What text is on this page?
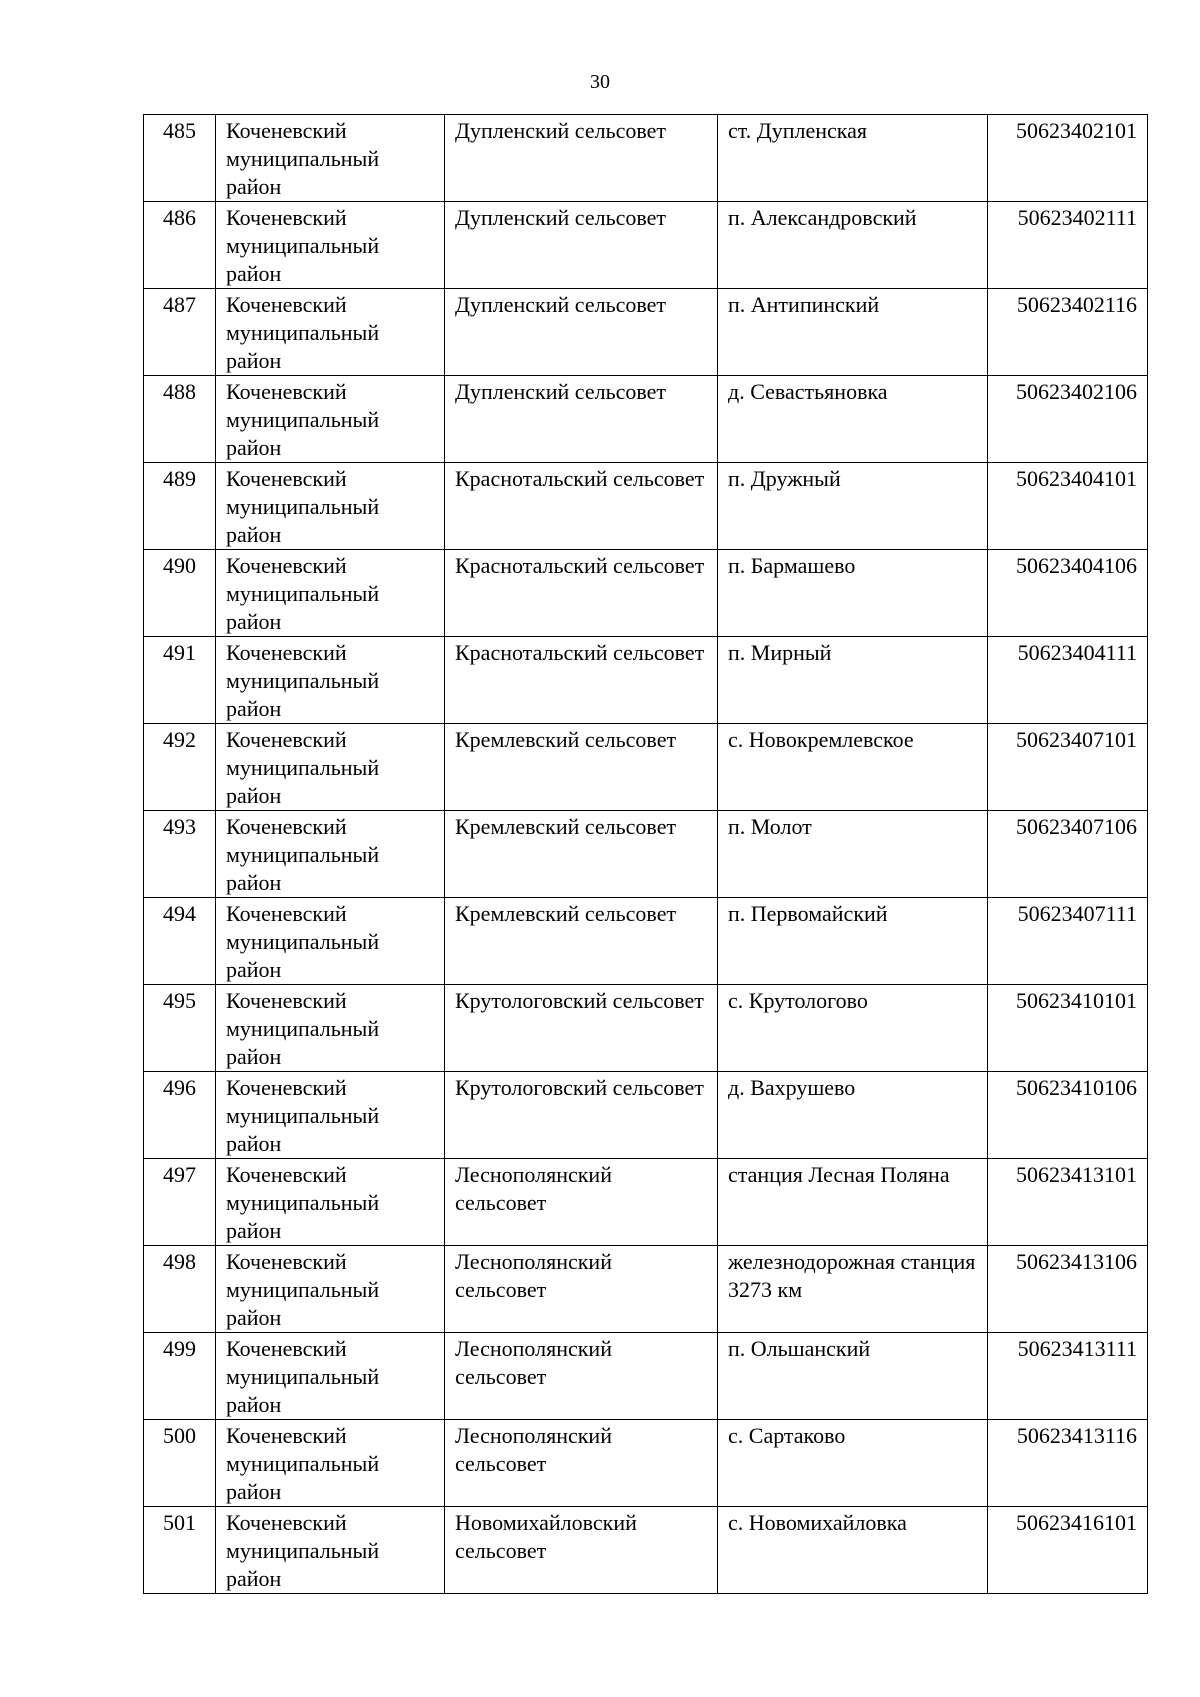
30
485	Коченевский муниципальный район	Дупленский сельсовет	ст. Дупленская	50623402101
486	Коченевский муниципальный район	Дупленский сельсовет	п. Александровский	50623402111
487	Коченевский муниципальный район	Дупленский сельсовет	п. Антипинский	50623402116
488	Коченевский муниципальный район	Дупленский сельсовет	д. Севастьяновка	50623402106
489	Коченевский муниципальный район	Краснотальский сельсовет	п. Дружный	50623404101
490	Коченевский муниципальный район	Краснотальский сельсовет	п. Бармашево	50623404106
491	Коченевский муниципальный район	Краснотальский сельсовет	п. Мирный	50623404111
492	Коченевский муниципальный район	Кремлевский сельсовет	с. Новокремлевское	50623407101
493	Коченевский муниципальный район	Кремлевский сельсовет	п. Молот	50623407106
494	Коченевский муниципальный район	Кремлевский сельсовет	п. Первомайский	50623407111
495	Коченевский муниципальный район	Крутологовский сельсовет	с. Крутологово	50623410101
496	Коченевский муниципальный район	Крутологовский сельсовет	д. Вахрушево	50623410106
497	Коченевский муниципальный район	Леснополянский сельсовет	станция Лесная Поляна	50623413101
498	Коченевский муниципальный район	Леснополянский сельсовет	железнодорожная станция 3273 км	50623413106
499	Коченевский муниципальный район	Леснополянский сельсовет	п. Ольшанский	50623413111
500	Коченевский муниципальный район	Леснополянский сельсовет	с. Сартаково	50623413116
501	Коченевский муниципальный район	Новомихайловский сельсовет	с. Новомихайловка	50623416101
